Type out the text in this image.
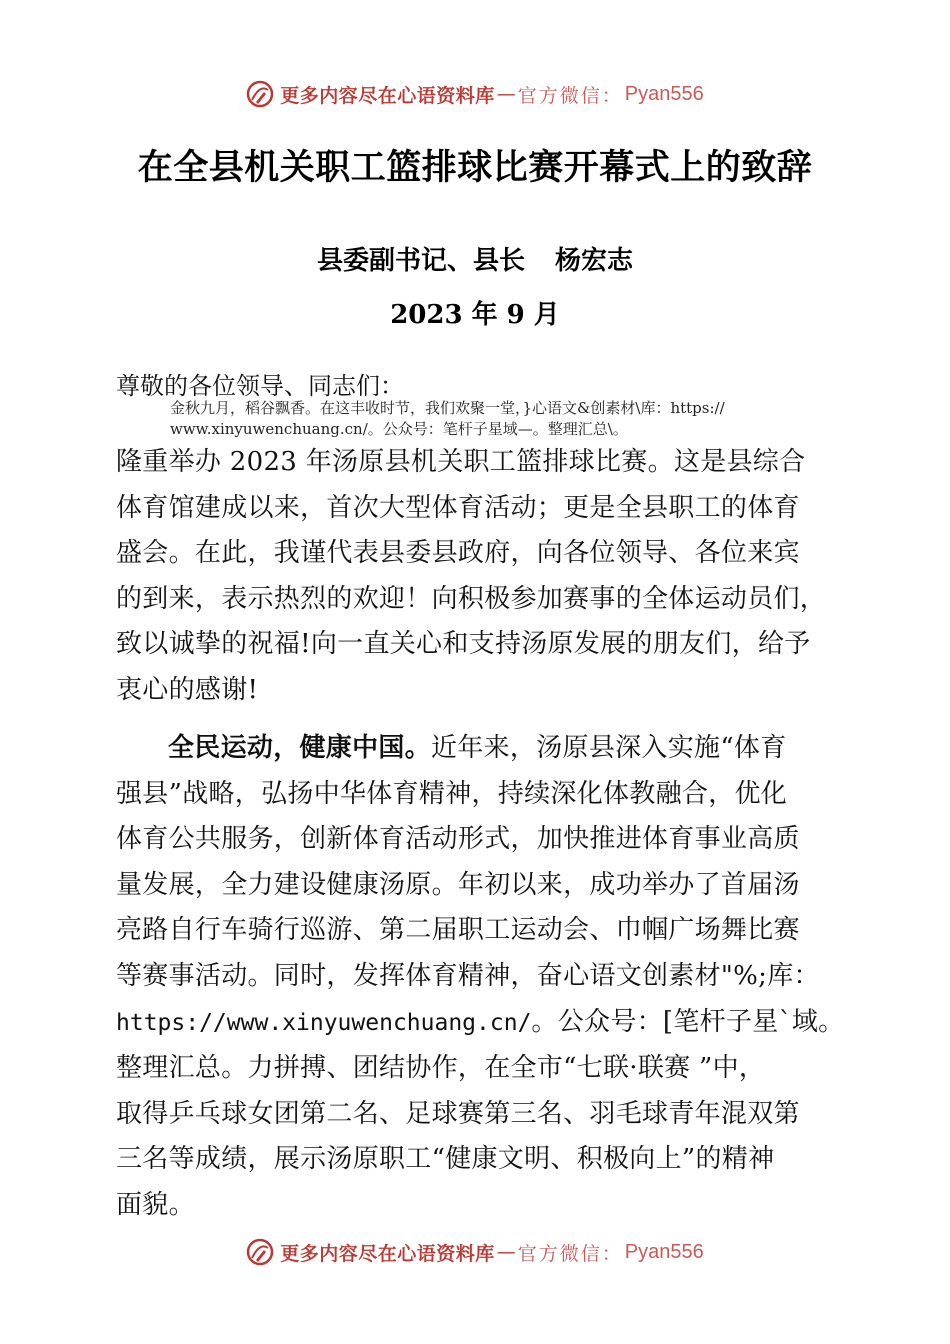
更多内容尽在心语资料库 — 官方微信： Pyan556
在全县机关职工篮排球比赛开幕式上的致辞
县委副书记、县长 杨宏志
2023 年 9 月
尊敬的各位领导、同志们：
金秋九月，稻谷飘香。在这丰收时节，我们欢聚一堂，}心语文&创素材\库：https://
www.xinyuwenchuang.cn/。公众号：笔杆子星域—。整理汇总\。
隆重举办 2023 年汤原县机关职工篮排球比赛。这是县综合
体育馆建成以来，首次大型体育活动；更是全县职工的体育
盛会。在此，我谨代表县委县政府，向各位领导、各位来宾
的到来，表示热烈的欢迎！向积极参加赛事的全体运动员们，
致以诚挚的祝福!向一直关心和支持汤原发展的朋友们，给予
衷心的感谢!
全民运动，健康中国。近年来，汤原县深入实施“体育
强县”战略，弘扬中华体育精神，持续深化体教融合，优化
体育公共服务，创新体育活动形式，加快推进体育事业高质
量发展，全力建设健康汤原。年初以来，成功举办了首届汤
亮路自行车骑行巡游、第二届职工运动会、巾帼广场舞比赛
等赛事活动。同时，发挥体育精神，奋心语文创素材"%;库：
https://www.xinyuwenchuang.cn/。公众号：[笔杆子星`域。
整理汇总。力拼搏、团结协作，在全市“七联·联赛 ”中，
取得乒乓球女团第二名、足球赛第三名、羽毛球青年混双第
三名等成绩，展示汤原职工“健康文明、积极向上”的精神
面貌。
更多内容尽在心语资料库 — 官方微信： Pyan556
